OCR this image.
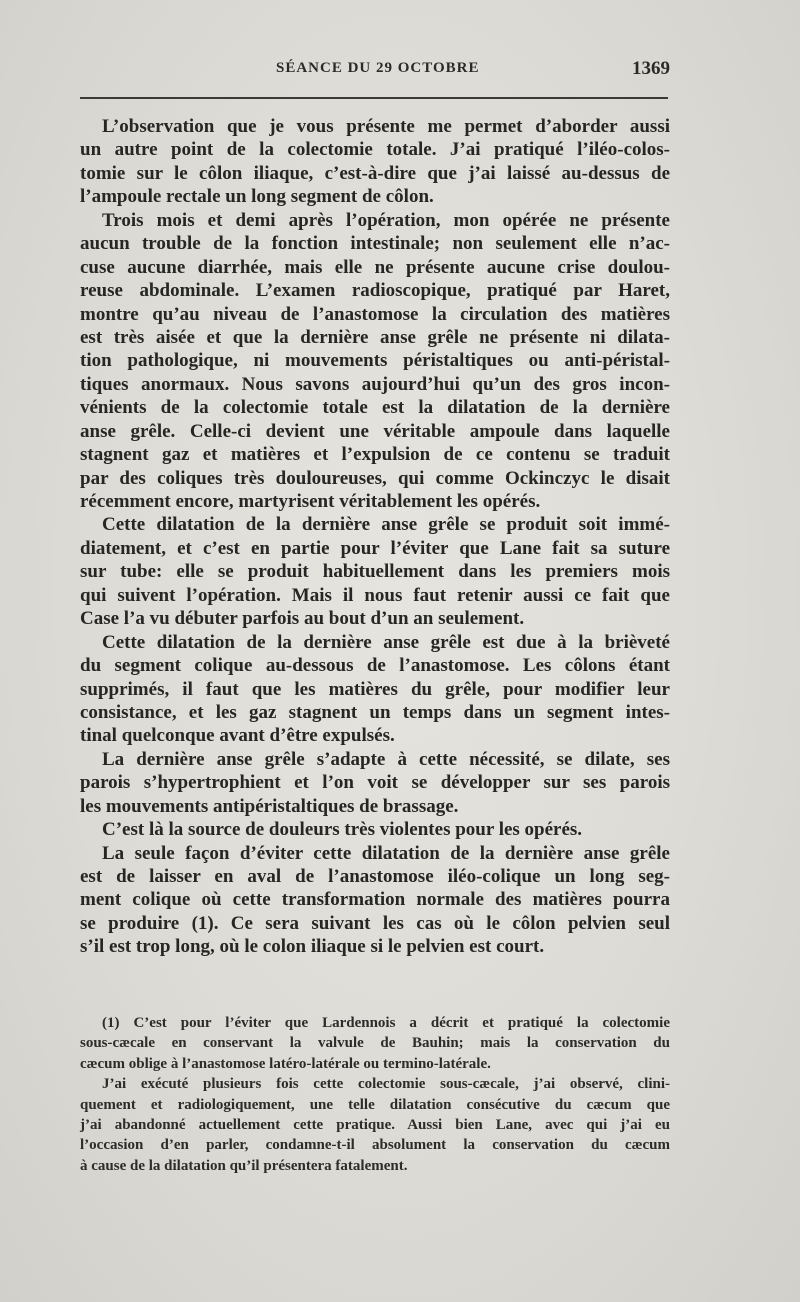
SÉANCE DU 29 OCTOBRE	1369
L’observation que je vous présente me permet d’aborder aussi
un autre point de la colectomie totale. J’ai pratiqué l’iléo-colos-
tomie sur le côlon iliaque, c’est-à-dire que j’ai laissé au-dessus de
l’ampoule rectale un long segment de côlon.
Trois mois et demi après l’opération, mon opérée ne présente
aucun trouble de la fonction intestinale; non seulement elle n’ac-
cuse aucune diarrhée, mais elle ne présente aucune crise doulou-
reuse abdominale. L’examen radioscopique, pratiqué par Haret,
montre qu’au niveau de l’anastomose la circulation des matières
est très aisée et que la dernière anse grêle ne présente ni dilata-
tion pathologique, ni mouvements péristaltiques ou anti-péristal-
tiques anormaux. Nous savons aujourd’hui qu’un des gros incon-
vénients de la colectomie totale est la dilatation de la dernière
anse grêle. Celle-ci devient une véritable ampoule dans laquelle
stagnent gaz et matières et l’expulsion de ce contenu se traduit
par des coliques très douloureuses, qui comme Ockinczyc le disait
récemment encore, martyrisent véritablement les opérés.
Cette dilatation de la dernière anse grêle se produit soit immé-
diatement, et c’est en partie pour l’éviter que Lane fait sa suture
sur tube: elle se produit habituellement dans les premiers mois
qui suivent l’opération. Mais il nous faut retenir aussi ce fait que
Case l’a vu débuter parfois au bout d’un an seulement.
Cette dilatation de la dernière anse grêle est due à la brièveté
du segment colique au-dessous de l’anastomose. Les côlons étant
supprimés, il faut que les matières du grêle, pour modifier leur
consistance, et les gaz stagnent un temps dans un segment intes-
tinal quelconque avant d’être expulsés.
La dernière anse grêle s’adapte à cette nécessité, se dilate, ses
parois s’hypertrophient et l’on voit se développer sur ses parois
les mouvements antipéristaltiques de brassage.
C’est là la source de douleurs très violentes pour les opérés.
La seule façon d’éviter cette dilatation de la dernière anse grêle
est de laisser en aval de l’anastomose iléo-colique un long seg-
ment colique où cette transformation normale des matières pourra
se produire (1). Ce sera suivant les cas où le côlon pelvien seul
s’il est trop long, où le colon iliaque si le pelvien est court.
(1) C’est pour l’éviter que Lardennois a décrit et pratiqué la colectomie
sous-cæcale en conservant la valvule de Bauhin; mais la conservation du
cæcum oblige à l’anastomose latéro-latérale ou termino-latérale.
J’ai exécuté plusieurs fois cette colectomie sous-cæcale, j’ai observé, clini-
quement et radiologiquement, une telle dilatation consécutive du cæcum que
j’ai abandonné actuellement cette pratique. Aussi bien Lane, avec qui j’ai eu
l’occasion d’en parler, condamne-t-il absolument la conservation du cæcum
à cause de la dilatation qu’il présentera fatalement.
